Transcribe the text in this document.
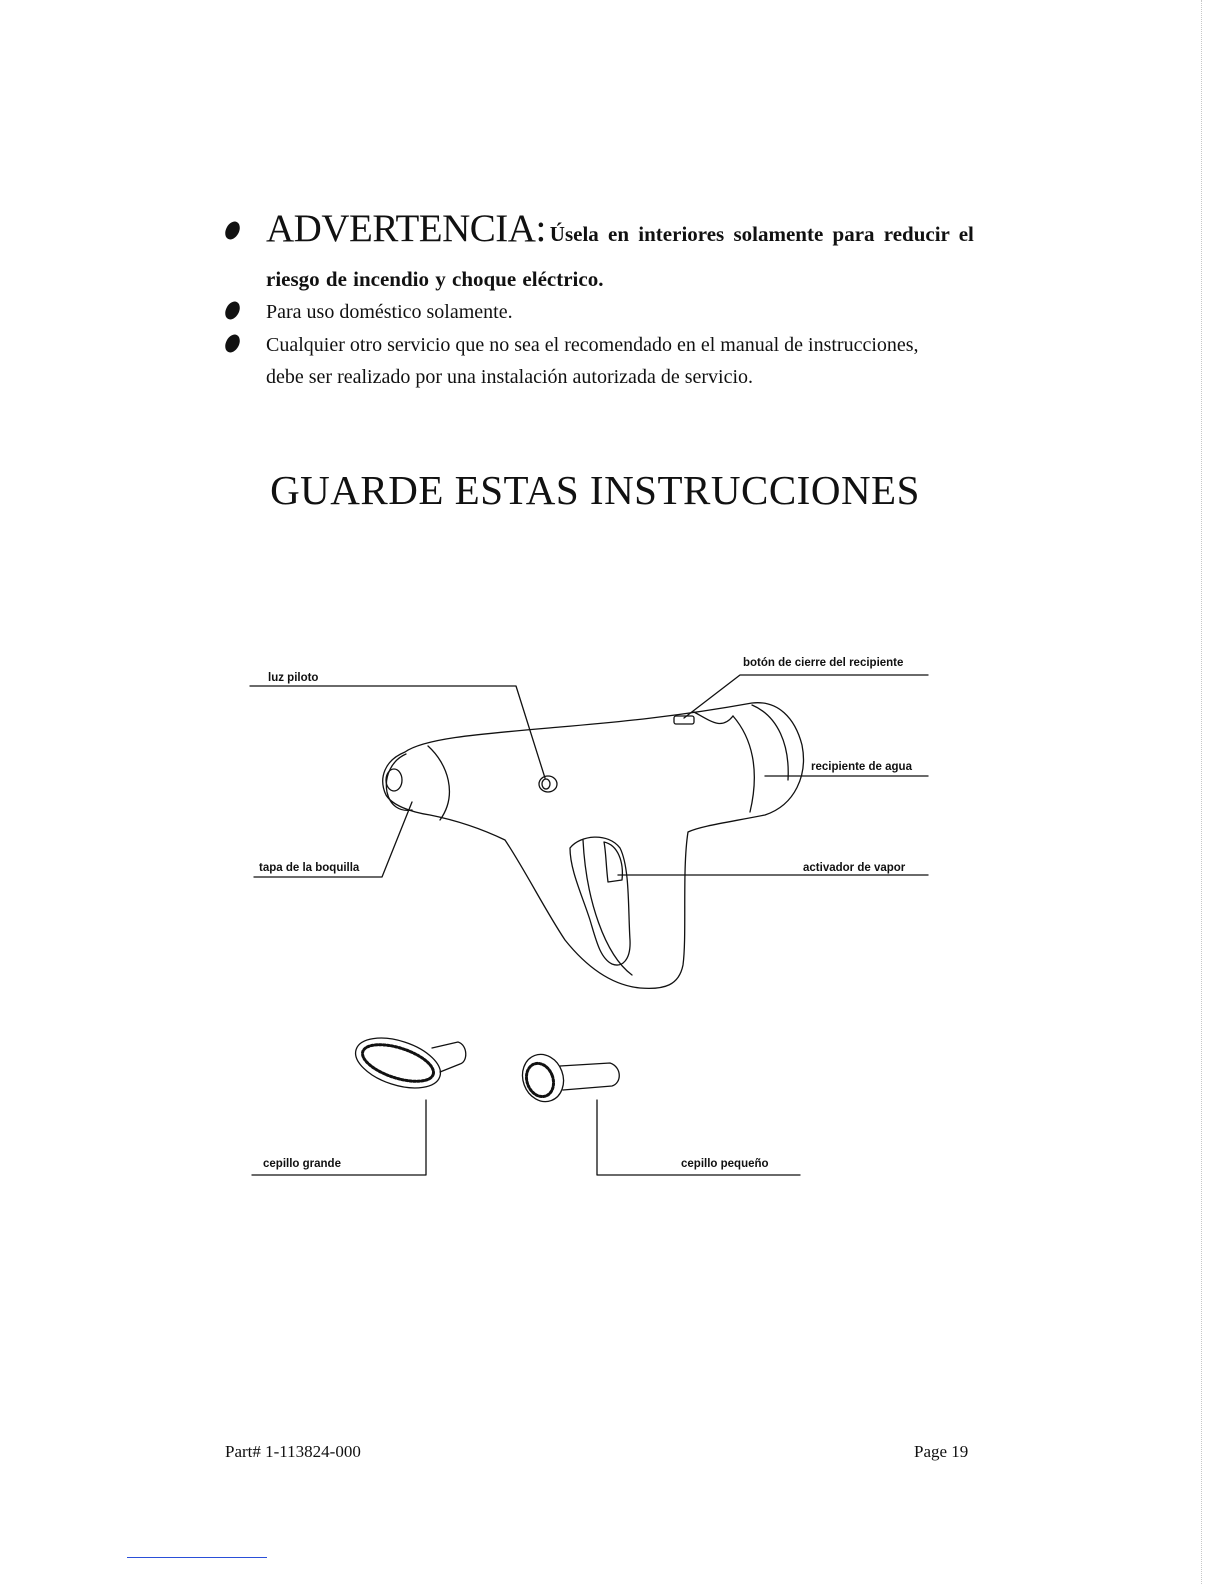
ADVERTENCIA: Úsela en interiores solamente para reducir el
riesgo de incendio y choque eléctrico.
Para uso doméstico solamente.
Cualquier otro servicio que no sea el recomendado en el manual de instrucciones,
debe ser realizado por una instalación autorizada de servicio.
GUARDE ESTAS INSTRUCCIONES
luz piloto
botón de cierre del recipiente
recipiente de agua
tapa de la boquilla	activador de vapor
cepillo grande	cepillo pequeño
Part# 1-113824-000	Page 19
